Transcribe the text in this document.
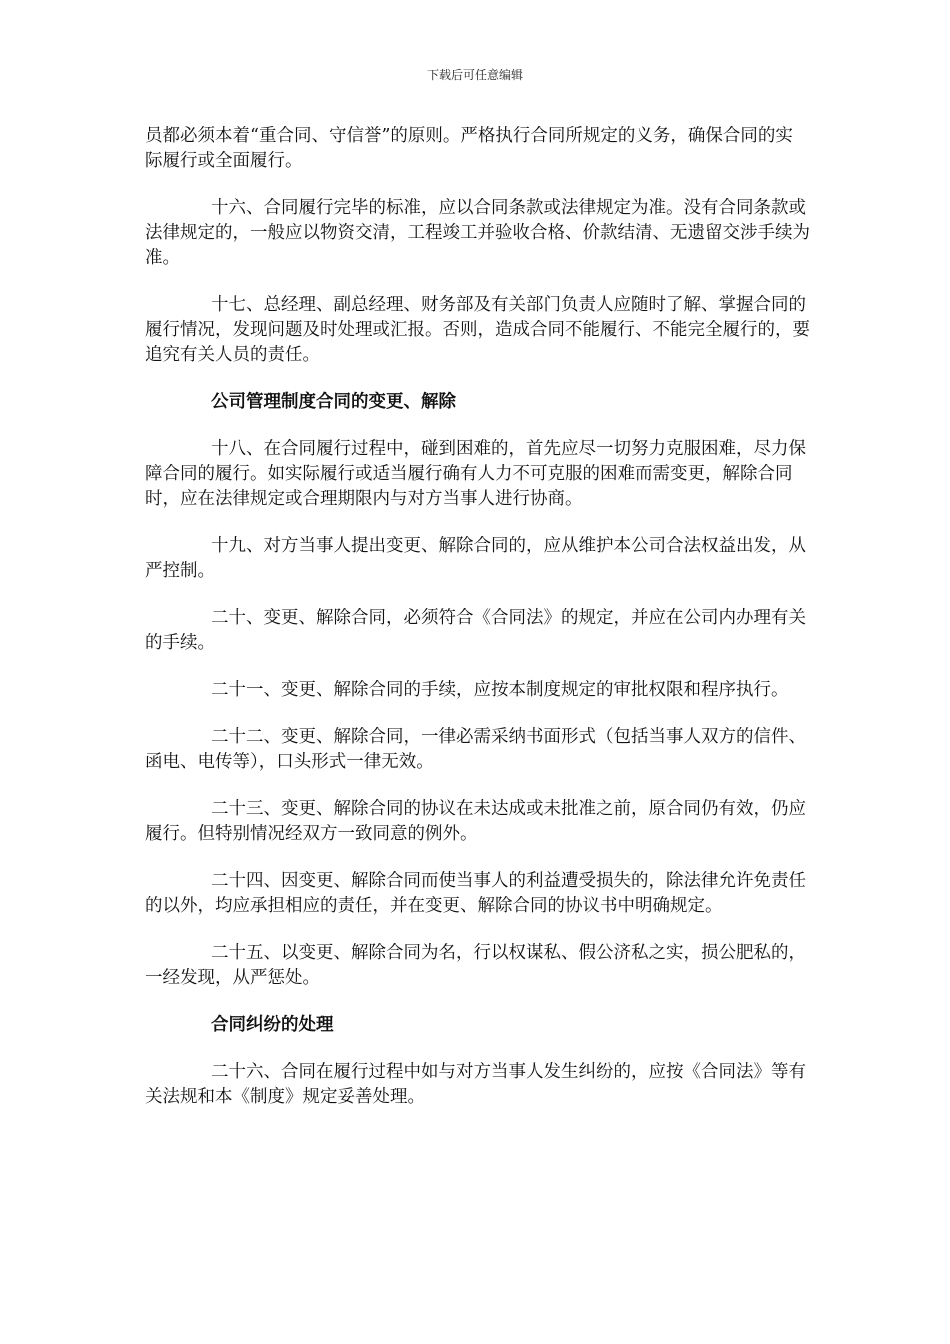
下载后可任意编辑

员都必须本着“重合同、守信誉”的原则。严格执行合同所规定的义务，确保合同的实际履行或全面履行。

十六、合同履行完毕的标准，应以合同条款或法律规定为准。没有合同条款或法律规定的，一般应以物资交清，工程竣工并验收合格、价款结清、无遗留交涉手续为准。

十七、总经理、副总经理、财务部及有关部门负责人应随时了解、掌握合同的履行情况，发现问题及时处理或汇报。否则，造成合同不能履行、不能完全履行的，要追究有关人员的责任。

公司管理制度合同的变更、解除

十八、在合同履行过程中，碰到困难的，首先应尽一切努力克服困难，尽力保障合同的履行。如实际履行或适当履行确有人力不可克服的困难而需变更，解除合同时，应在法律规定或合理期限内与对方当事人进行协商。

十九、对方当事人提出变更、解除合同的，应从维护本公司合法权益出发，从严控制。

二十、变更、解除合同，必须符合《合同法》的规定，并应在公司内办理有关的手续。

二十一、变更、解除合同的手续，应按本制度规定的审批权限和程序执行。

二十二、变更、解除合同，一律必需采纳书面形式（包括当事人双方的信件、函电、电传等），口头形式一律无效。

二十三、变更、解除合同的协议在未达成或未批准之前，原合同仍有效，仍应履行。但特别情况经双方一致同意的例外。

二十四、因变更、解除合同而使当事人的利益遭受损失的，除法律允许免责任的以外，均应承担相应的责任，并在变更、解除合同的协议书中明确规定。

二十五、以变更、解除合同为名，行以权谋私、假公济私之实，损公肥私的，一经发现，从严惩处。

合同纠纷的处理

二十六、合同在履行过程中如与对方当事人发生纠纷的，应按《合同法》等有关法规和本《制度》规定妥善处理。
